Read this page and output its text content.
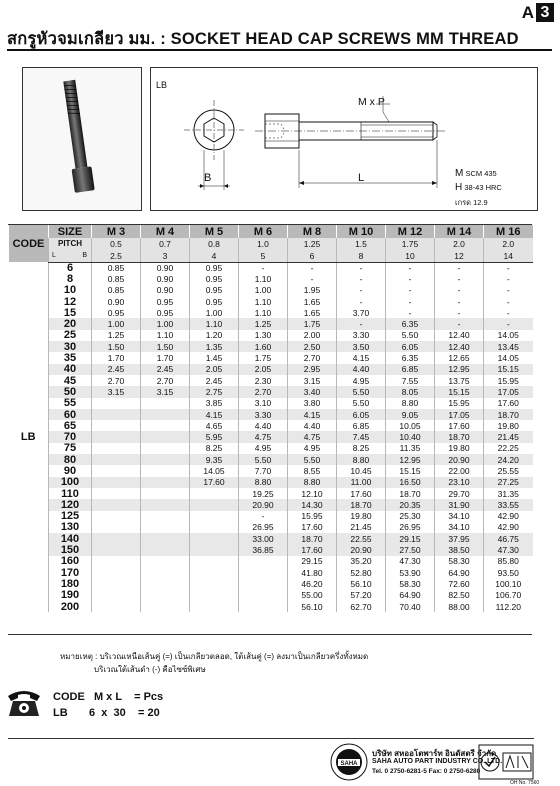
A 3
สกรูหัวจมเกลียว มม. : SOCKET HEAD CAP SCREWS MM THREAD
LB
M x P
B	L	M SCM 435
H 38-43 HRC
เกรด 12.9
CODE	SIZE	M 3	M 4	M 5	M 6	M 8	M 10	M 12	M 14	M 16
	PITCH	0.5	0.7	0.8	1.0	1.25	1.5	1.75	2.0	2.0
	L B	2.5	3	4	5	6	8	10	12	14
LB	6	0.85	0.90	0.95	-	-	-	-	-	-
	8	0.85	0.90	0.95	1.10	-	-	-	-	-
	10	0.85	0.90	0.95	1.00	1.95	-	-	-	-
	12	0.90	0.95	0.95	1.10	1.65	-	-	-	-
	15	0.95	0.95	1.00	1.10	1.65	3.70	-	-	-
	20	1.00	1.00	1.10	1.25	1.75	-	6.35	-	-
	25	1.25	1.10	1.20	1.30	2.00	3.30	5.50	12.40	14.05
	30	1.50	1.50	1.35	1.60	2.50	3.50	6.05	12.40	13.45
	35	1.70	1.70	1.45	1.75	2.70	4.15	6.35	12.65	14.05
	40	2.45	2.45	2.05	2.05	2.95	4.40	6.85	12.95	15.15
	45	2.70	2.70	2.45	2.30	3.15	4.95	7.55	13.75	15.95
	50	3.15	3.15	2.75	2.70	3.40	5.50	8.05	15.15	17.05
	55			3.85	3.10	3.80	5.50	8.80	15.95	17.60
	60			4.15	3.30	4.15	6.05	9.05	17.05	18.70
	65			4.65	4.40	4.40	6.85	10.05	17.60	19.80
	70			5.95	4.75	4.75	7.45	10.40	18.70	21.45
	75			8.25	4.95	4.95	8.25	11.35	19.80	22.25
	80			9.35	5.50	5.50	8.80	12.95	20.90	24.20
	90			14.05	7.70	8.55	10.45	15.15	22.00	25.55
	100			17.60	8.80	8.80	11.00	16.50	23.10	27.25
	110				19.25	12.10	17.60	18.70	29.70	31.35
	120				20.90	14.30	18.70	20.35	31.90	33.55
	125				-	15.95	19.80	25.30	34.10	42.90
	130				26.95	17.60	21.45	26.95	34.10	42.90
	140				33.00	18.70	22.55	29.15	37.95	46.75
	150				36.85	17.60	20.90	27.50	38.50	47.30
	160					29.15	35.20	47.30	58.30	85.80
	170					41.80	52.80	53.90	64.90	93.50
	180					46.20	56.10	58.30	72.60	100.10
	190					55.00	57.20	64.90	82.50	106.70
	200					56.10	62.70	70.40	88.00	112.20
หมายเหตุ : บริเวณเหนือเส้นคู่ (=) เป็นเกลียวตลอด, ใต้เส้นคู่ (=) ลงมาเป็นเกลียวครึ่งทั้งหมด
บริเวณใต้เส้นดำ (-) คือไซซ์พิเศษ
CODE   M x L    = Pcs
LB       6  x  30    = 20
SAHA
บริษัท สหออโตพาร์ท อินดัสตรี จำกัด
SAHA AUTO PART INDUSTRY CO.,LTD.
Tel. 0 2750-6281-5 Fax: 0 2750-6280
OH No. 7560
